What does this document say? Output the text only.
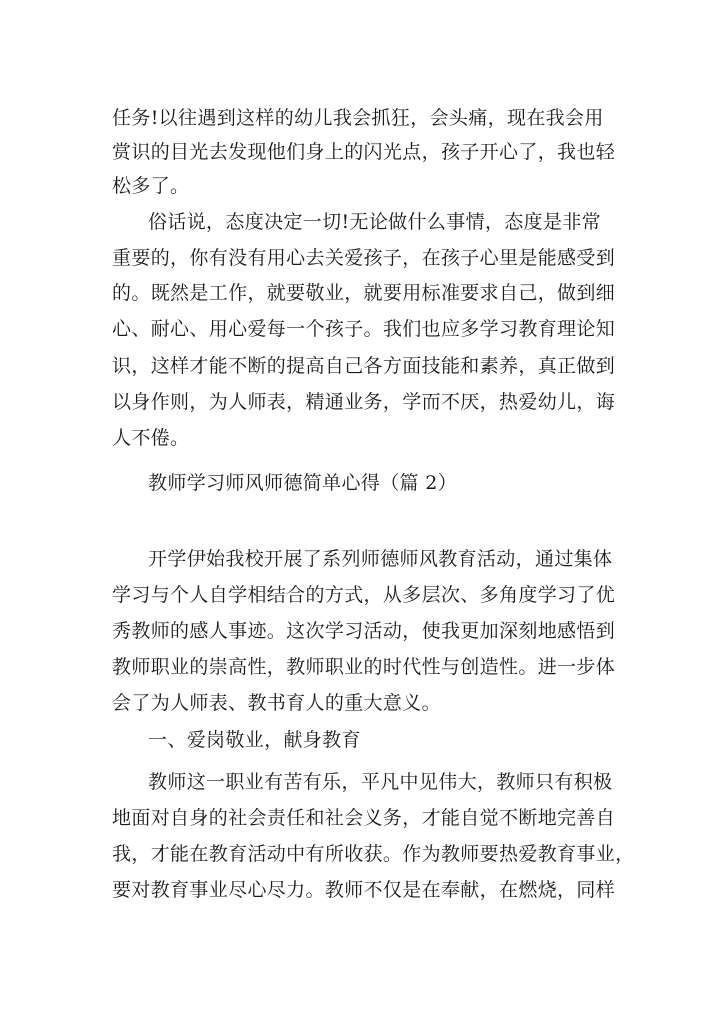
任务!以往遇到这样的幼儿我会抓狂，会头痛，现在我会用
赏识的目光去发现他们身上的闪光点，孩子开心了，我也轻
松多了。
俗话说，态度决定一切!无论做什么事情，态度是非常
重要的，你有没有用心去关爱孩子，在孩子心里是能感受到
的。既然是工作，就要敬业，就要用标准要求自己，做到细
心、耐心、用心爱每一个孩子。我们也应多学习教育理论知
识，这样才能不断的提高自己各方面技能和素养，真正做到
以身作则，为人师表，精通业务，学而不厌，热爱幼儿，诲
人不倦。
教师学习师风师德简单心得（篇 2）
开学伊始我校开展了系列师德师风教育活动，通过集体
学习与个人自学相结合的方式，从多层次、多角度学习了优
秀教师的感人事迹。这次学习活动，使我更加深刻地感悟到
教师职业的崇高性，教师职业的时代性与创造性。进一步体
会了为人师表、教书育人的重大意义。
一、爱岗敬业，献身教育
教师这一职业有苦有乐，平凡中见伟大，教师只有积极
地面对自身的社会责任和社会义务，才能自觉不断地完善自
我，才能在教育活动中有所收获。作为教师要热爱教育事业，
要对教育事业尽心尽力。教师不仅是在奉献，在燃烧，同样
